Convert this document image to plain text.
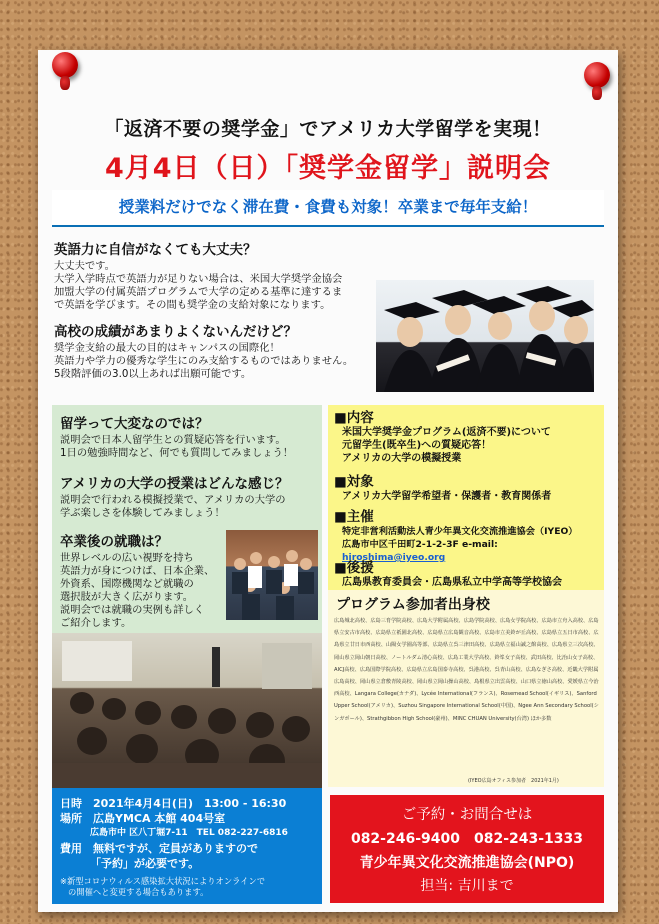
「返済不要の奨学金」でアメリカ大学留学を実現！
4月4日（日）「奨学金留学」説明会
授業料だけでなく滞在費・食費も対象！卒業まで毎年支給！
英語力に自信がなくても大丈夫？
大丈夫です。
大学入学時点で英語力が足りない場合は、米国大学奨学金協会
加盟大学の付属英語プログラムで大学の定める基準に達するま
で英語を学びます。その間も奨学金の支給対象になります。
高校の成績があまりよくないんだけど？
奨学金支給の最大の目的はキャンパスの国際化！
英語力や学力の優秀な学生にのみ支給するものではありません。
5段階評価の3.0以上あれば出願可能です。
留学って大変なのでは？
説明会で日本人留学生との質疑応答を行います。
1日の勉強時間など、何でも質問してみましょう！
アメリカの大学の授業はどんな感じ？
説明会で行われる模擬授業で、アメリカの大学の
学ぶ楽しさを体験してみましょう！
卒業後の就職は？
世界レベルの広い視野を持ち
英語力が身につけば、日本企業、
外資系、国際機関など就職の
選択肢が大きく広がります。
説明会では就職の実例も詳しく
ご紹介します。
■内容
米国大学奨学金プログラム(返済不要)について
元留学生(既卒生)への質疑応答！
アメリカの大学の模擬授業
■対象
アメリカ大学留学希望者・保護者・教育関係者
■主催
特定非営利活動法人青少年異文化交流推進協会（IYEO）
広島市中区千田町2-1-2-3F e-mail: hiroshima@iyeo.org
■後援
広島県教育委員会・広島県私立中学高等学校協会
プログラム参加者出身校
広島城北高校、広島三育学院高校、広島大学附属高校、広島学院高校、広島女学院高校、広島市立舟入高校、広島県立安古市高校、広島県立祇園北高校、広島県立広島観音高校、広島市立美鈴が丘高校、広島県立五日市高校、広島県立廿日市西高校、山陽女学園高等部、広島県立呉三津田高校、広島県立福山誠之館高校、広島県立三次高校、岡山県立岡山朝日高校、ノートルダム清心高校、広島工業大学高校、鈴峯女子高校、武田高校、比治山女子高校、AICJ高校、広島国際学院高校、広島県立広島国泰寺高校、呉港高校、呉青山高校、広島なぎさ高校、近畿大学附属広島高校、岡山県立倉敷青陵高校、岡山県立岡山操山高校、島根県立出雲高校、山口県立徳山高校、愛媛県立今治西高校、Langara College(カナダ)、Lycée International(フランス)、Rosemead School(イギリス)、Sanford Upper School(アメリカ)、Suzhou Singapore International School(中国)、Ngee Ann Secondary School(シンガポール)、Strathgibbon High School(豪州)、MINC CHUAN University(台湾) ほか多数
(IYEO広島オフィス参加者　2021年1月)
日時　 2021年4月4日(日)　13:00 - 16:30
場所　 広島YMCA 本館 404号室
広島市中 区八丁堀7-11　TEL 082-227-6816
費用　 無料ですが、定員がありますので
「予約」が必要です。
※新型コロナウィルス感染拡大状況によりオンラインで
の開催へと変更する場合もあります。
ご予約・お問合せは
082-246-9400　082-243-1333
青少年異文化交流推進協会(NPO)
担当: 吉川まで
